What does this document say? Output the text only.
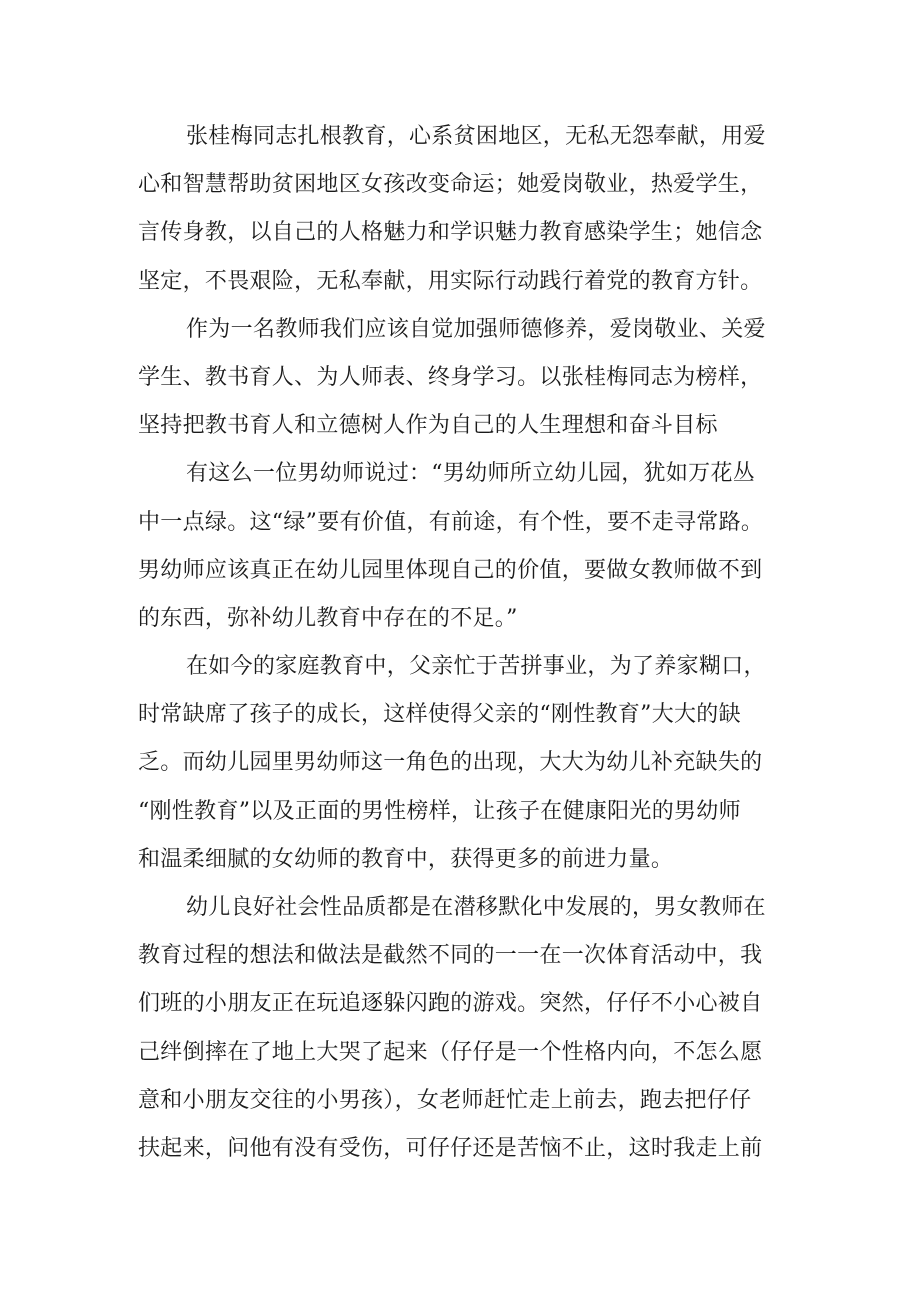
张桂梅同志扎根教育，心系贫困地区，无私无怨奉献，用爱
心和智慧帮助贫困地区女孩改变命运；她爱岗敬业，热爱学生，
言传身教，以自己的人格魅力和学识魅力教育感染学生；她信念
坚定，不畏艰险，无私奉献，用实际行动践行着党的教育方针。
作为一名教师我们应该自觉加强师德修养，爱岗敬业、关爱
学生、教书育人、为人师表、终身学习。以张桂梅同志为榜样，
坚持把教书育人和立德树人作为自己的人生理想和奋斗目标
有这么一位男幼师说过：“男幼师所立幼儿园，犹如万花丛
中一点绿。这“绿”要有价值，有前途，有个性，要不走寻常路。
男幼师应该真正在幼儿园里体现自己的价值，要做女教师做不到
的东西，弥补幼儿教育中存在的不足。”
在如今的家庭教育中，父亲忙于苦拼事业，为了养家糊口，
时常缺席了孩子的成长，这样使得父亲的“刚性教育”大大的缺
乏。而幼儿园里男幼师这一角色的出现，大大为幼儿补充缺失的
“刚性教育”以及正面的男性榜样，让孩子在健康阳光的男幼师
和温柔细腻的女幼师的教育中，获得更多的前进力量。
幼儿良好社会性品质都是在潜移默化中发展的，男女教师在
教育过程的想法和做法是截然不同的一一在一次体育活动中，我
们班的小朋友正在玩追逐躲闪跑的游戏。突然，仔仔不小心被自
己绊倒摔在了地上大哭了起来（仔仔是一个性格内向，不怎么愿
意和小朋友交往的小男孩），女老师赶忙走上前去，跑去把仔仔
扶起来，问他有没有受伤，可仔仔还是苦恼不止，这时我走上前
